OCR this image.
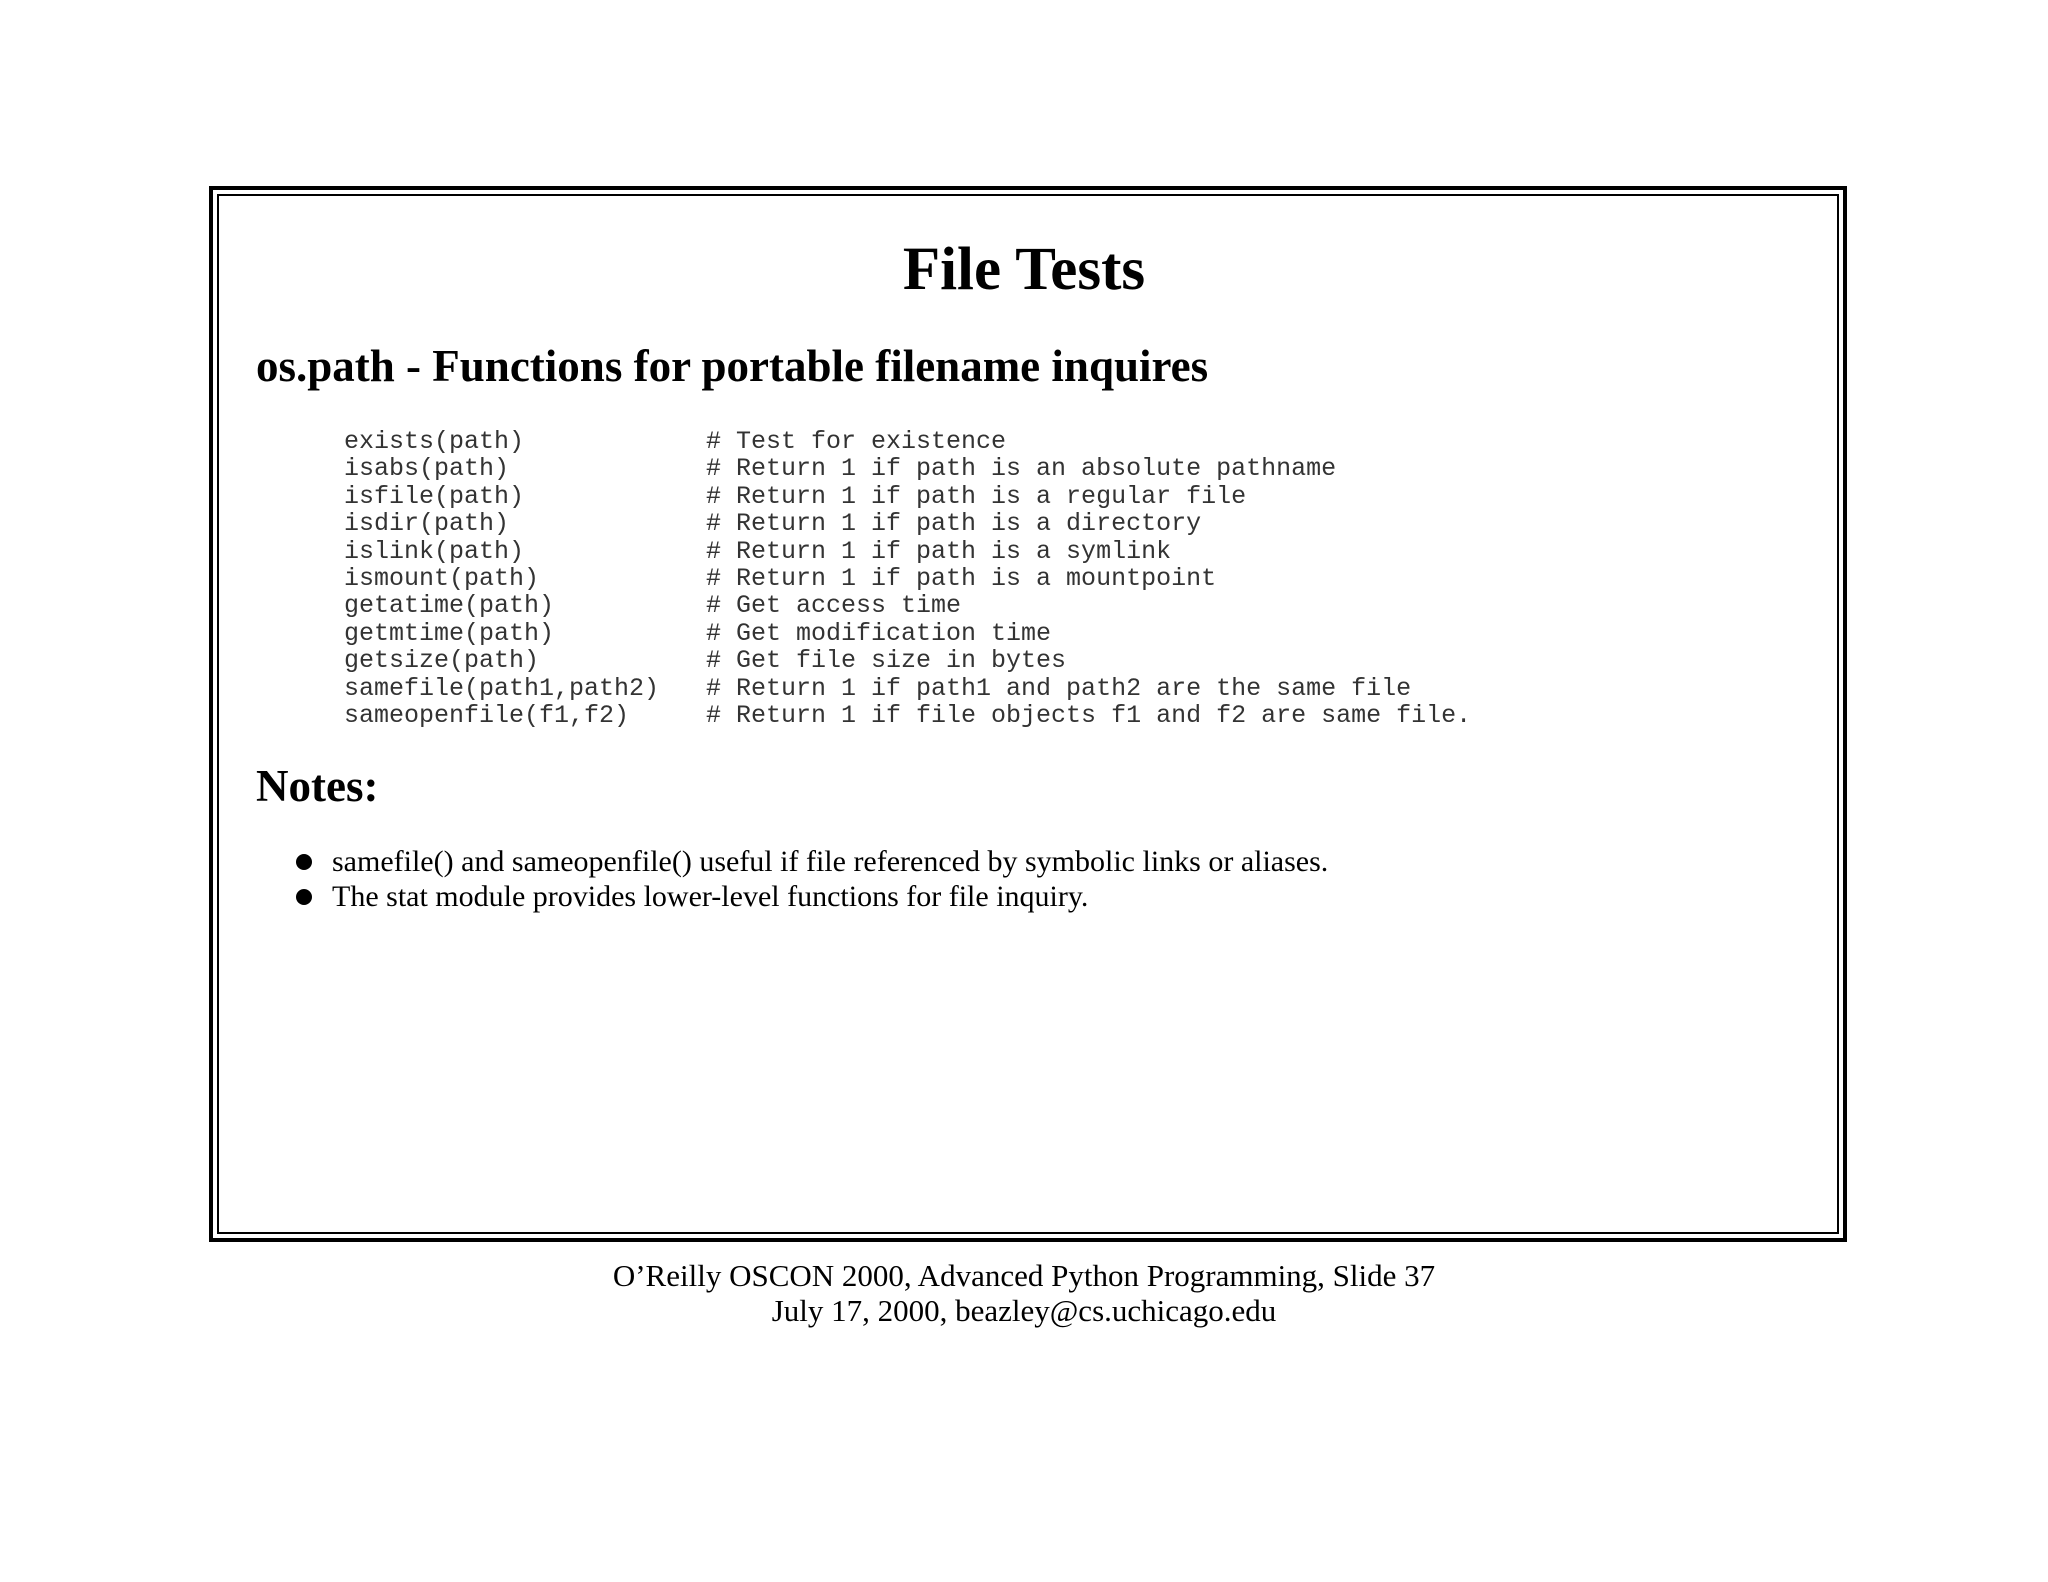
File Tests
os.path - Functions for portable filename inquires
exists(path)	# Test for existence
isabs(path)	# Return 1 if path is an absolute pathname
isfile(path)	# Return 1 if path is a regular file
isdir(path)	# Return 1 if path is a directory
islink(path)	# Return 1 if path is a symlink
ismount(path)	# Return 1 if path is a mountpoint
getatime(path)	# Get access time
getmtime(path)	# Get modification time
getsize(path)	# Get file size in bytes
samefile(path1,path2)	# Return 1 if path1 and path2 are the same file
sameopenfile(f1,f2)	# Return 1 if file objects f1 and f2 are same file.
Notes:
samefile() and sameopenfile() useful if file referenced by symbolic links or aliases.
The stat module provides lower-level functions for file inquiry.
O’Reilly OSCON 2000, Advanced Python Programming, Slide 37
July 17, 2000, beazley@cs.uchicago.edu
